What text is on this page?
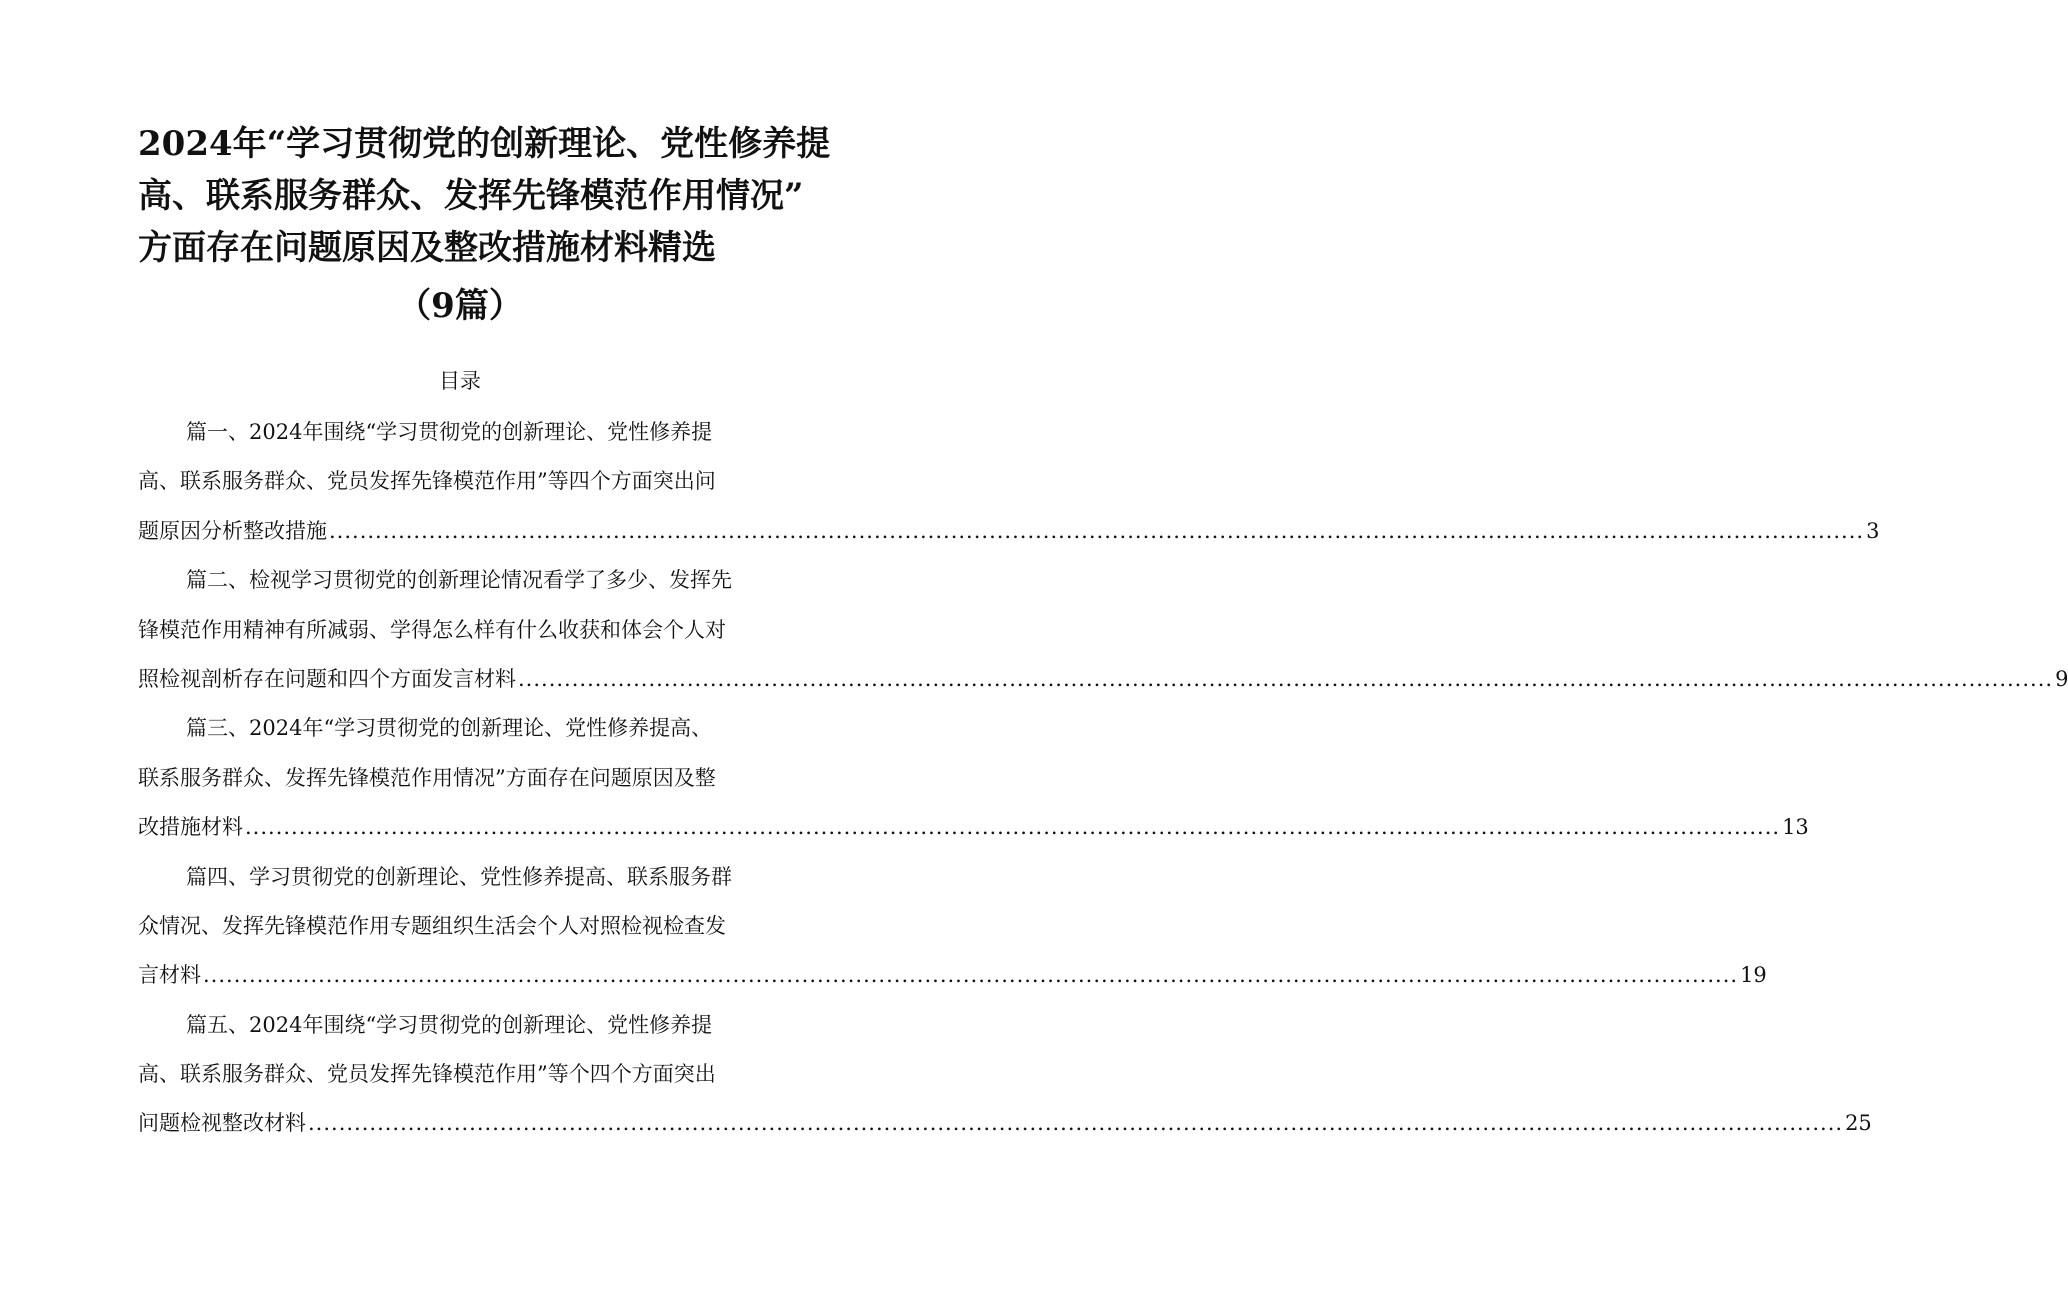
2024年“学习贯彻党的创新理论、党性修养提
高、联系服务群众、发挥先锋模范作用情况”
方面存在问题原因及整改措施材料精选
（9篇）
目录
篇一、2024年围绕“学习贯彻党的创新理论、党性修养提
高、联系服务群众、党员发挥先锋模范作用”等四个方面突出问
题原因分析整改措施 ........................................................................................................................................................................................................ 3
篇二、检视学习贯彻党的创新理论情况看学了多少、发挥先
锋模范作用精神有所减弱、学得怎么样有什么收获和体会个人对
照检视剖析存在问题和四个方面发言材料 ........................................................................................................................................................................................................ 9
篇三、2024年“学习贯彻党的创新理论、党性修养提高、
联系服务群众、发挥先锋模范作用情况”方面存在问题原因及整
改措施材料 ........................................................................................................................................................................................................ 13
篇四、学习贯彻党的创新理论、党性修养提高、联系服务群
众情况、发挥先锋模范作用专题组织生活会个人对照检视检查发
言材料 ........................................................................................................................................................................................................ 19
篇五、2024年围绕“学习贯彻党的创新理论、党性修养提
高、联系服务群众、党员发挥先锋模范作用”等个四个方面突出
问题检视整改材料 ........................................................................................................................................................................................................ 25
